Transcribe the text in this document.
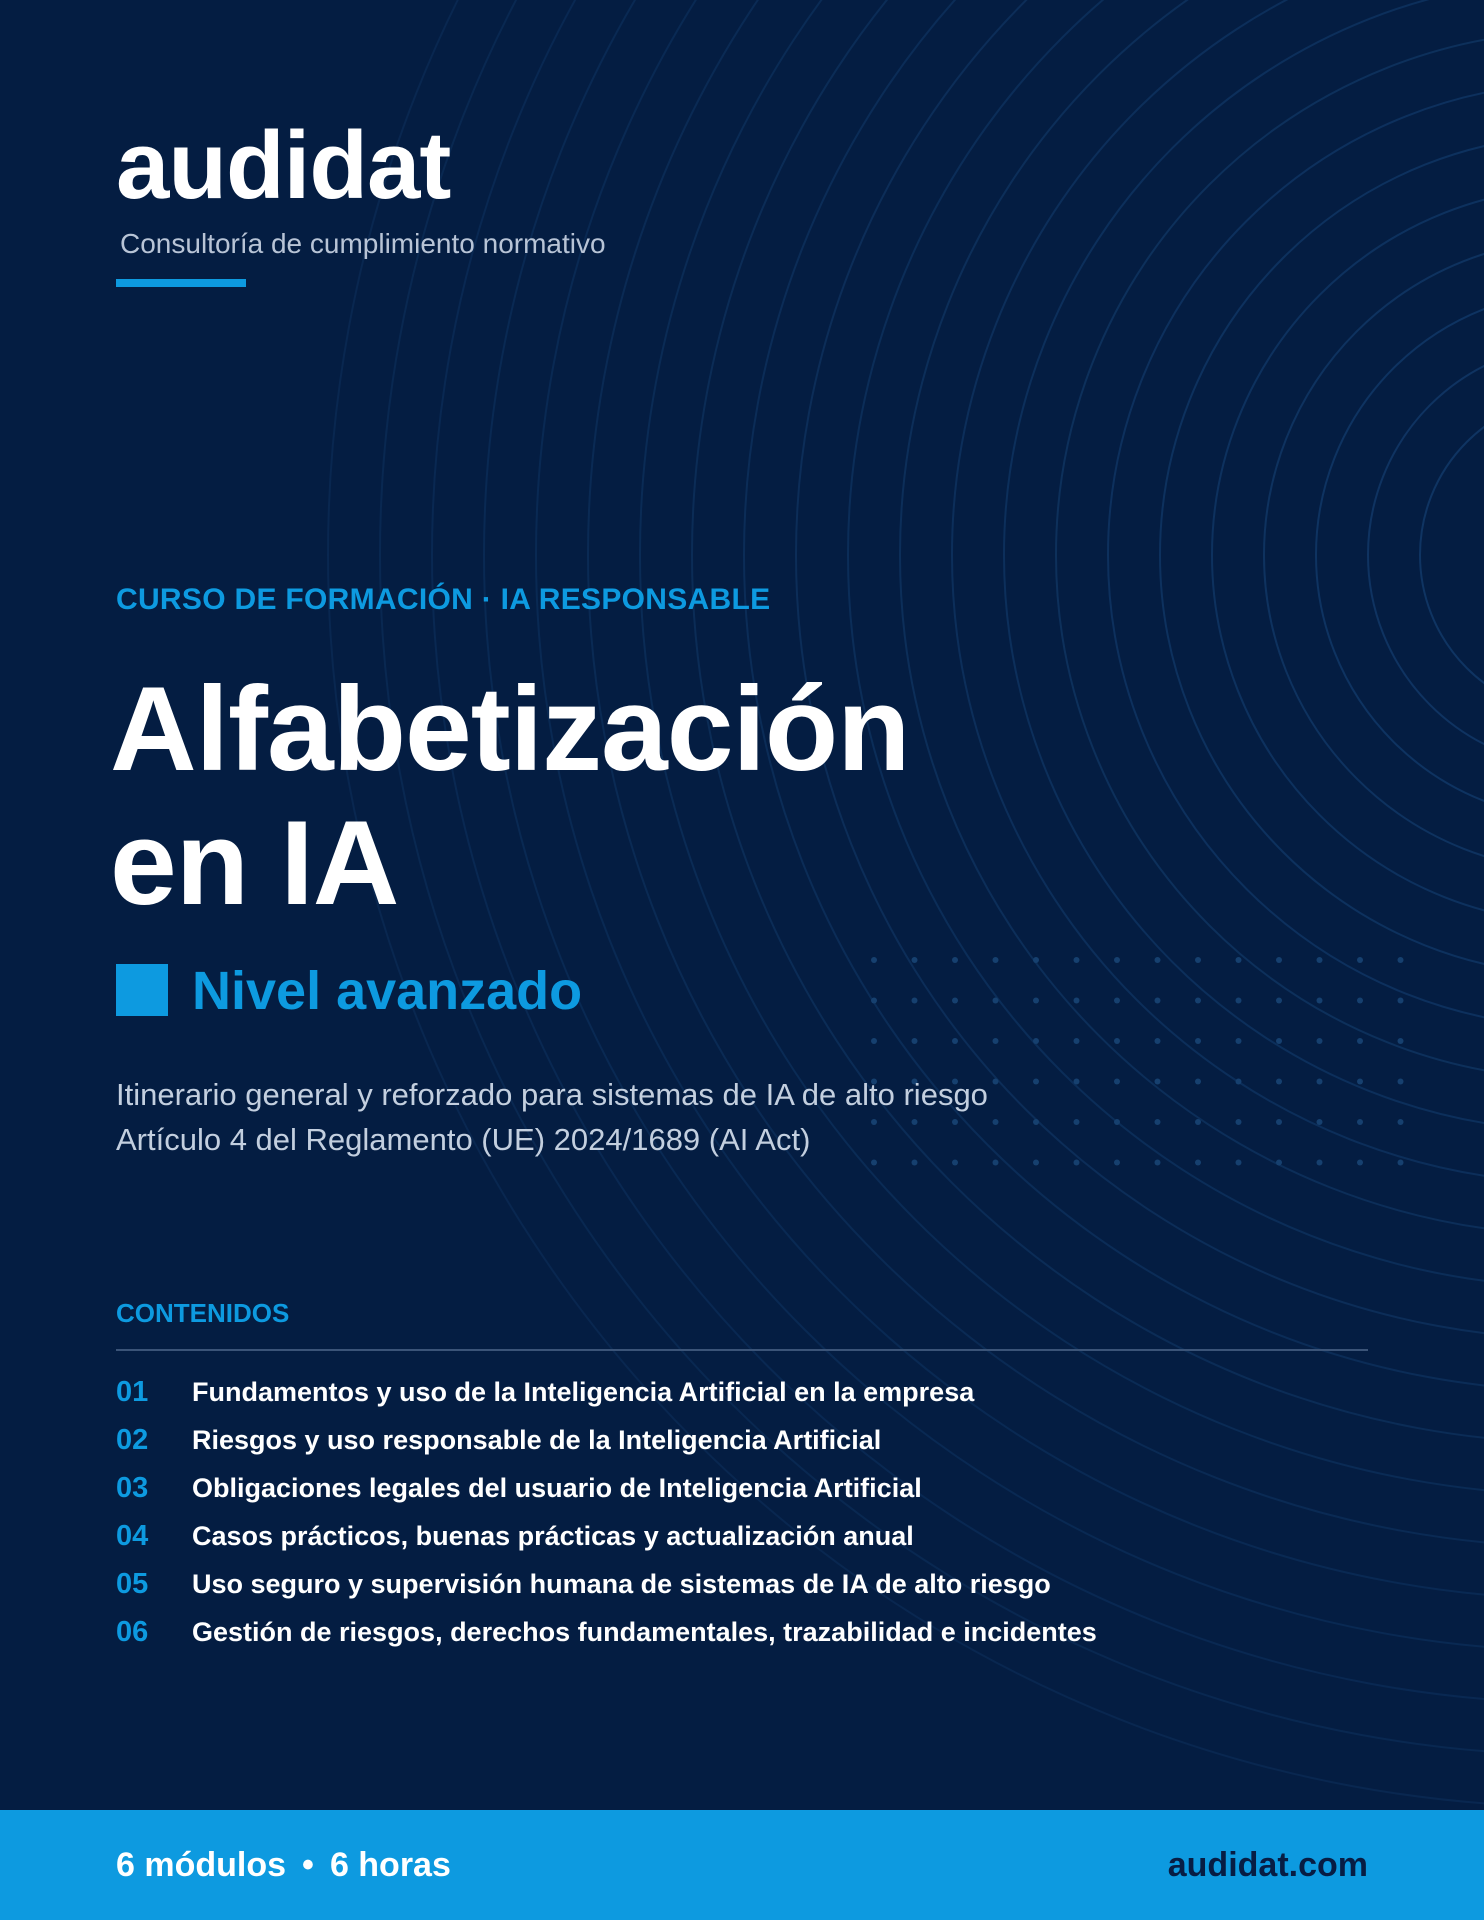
audidat
Consultoría de cumplimiento normativo
CURSO DE FORMACIÓN · IA RESPONSABLE
Alfabetización
en IA
Nivel avanzado
Itinerario general y reforzado para sistemas de IA de alto riesgo
Artículo 4 del Reglamento (UE) 2024/1689 (AI Act)
CONTENIDOS
01 Fundamentos y uso de la Inteligencia Artificial en la empresa
02 Riesgos y uso responsable de la Inteligencia Artificial
03 Obligaciones legales del usuario de Inteligencia Artificial
04 Casos prácticos, buenas prácticas y actualización anual
05 Uso seguro y supervisión humana de sistemas de IA de alto riesgo
06 Gestión de riesgos, derechos fundamentales, trazabilidad e incidentes
6 módulos • 6 horas	audidat.com
